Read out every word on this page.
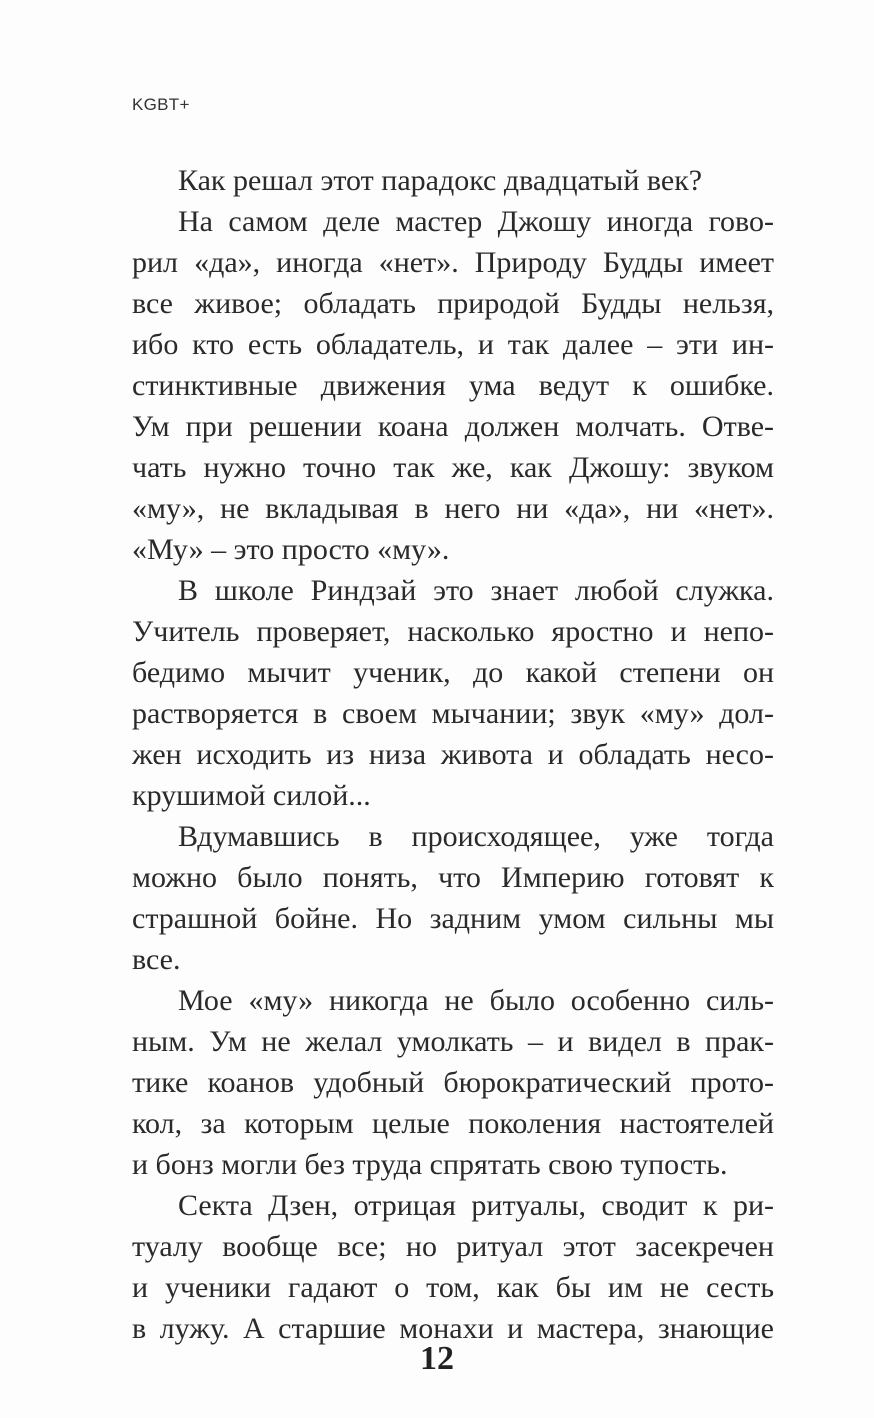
KGBT+
Как решал этот парадокс двадцатый век?
На самом деле мастер Джошу иногда гово-
рил «да», иногда «нет». Природу Будды имеет
все живое; обладать природой Будды нельзя,
ибо кто есть обладатель, и так далее – эти ин-
стинктивные движения ума ведут к ошибке.
Ум при решении коана должен молчать. Отве-
чать нужно точно так же, как Джошу: звуком
«му», не вкладывая в него ни «да», ни «нет».
«Му» – это просто «му».
В школе Риндзай это знает любой служка.
Учитель проверяет, насколько яростно и непо-
бедимо мычит ученик, до какой степени он
растворяется в своем мычании; звук «му» дол-
жен исходить из низа живота и обладать несо-
крушимой силой...
Вдумавшись в происходящее, уже тогда
можно было понять, что Империю готовят к
страшной бойне. Но задним умом сильны мы
все.
Мое «му» никогда не было особенно силь-
ным. Ум не желал умолкать – и видел в прак-
тике коанов удобный бюрократический прото-
кол, за которым целые поколения настоятелей
и бонз могли без труда спрятать свою тупость.
Секта Дзен, отрицая ритуалы, сводит к ри-
туалу вообще все; но ритуал этот засекречен
и ученики гадают о том, как бы им не сесть
в лужу. А старшие монахи и мастера, знающие
12
